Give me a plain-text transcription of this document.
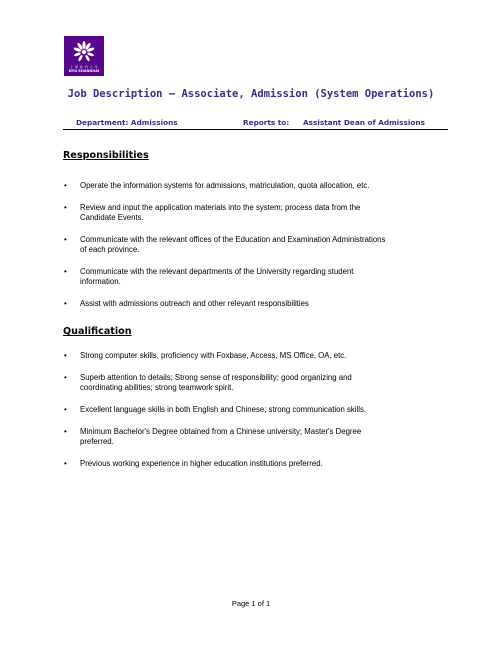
上 海 纽 约 大 学
NYU SHANGHAI
Job Description – Associate, Admission (System Operations)
Department: Admissions	Reports to: Assistant Dean of Admissions
Responsibilities
• Operate the information systems for admissions, matriculation, quota allocation, etc.
• Review and input the application materials into the system; process data from the
Candidate Events.
• Communicate with the relevant offices of the Education and Examination Administrations
of each province.
• Communicate with the relevant departments of the University regarding student
information.
• Assist with admissions outreach and other relevant responsibilities
Qualification
• Strong computer skills, proficiency with Foxbase, Access, MS Office, OA, etc.
• Superb attention to details; Strong sense of responsibility; good organizing and
coordinating abilities; strong teamwork spirit.
• Excellent language skills in both English and Chinese; strong communication skills.
• Minimum Bachelor's Degree obtained from a Chinese university; Master's Degree
preferred.
• Previous working experience in higher education institutions preferred.
Page 1 of 1
